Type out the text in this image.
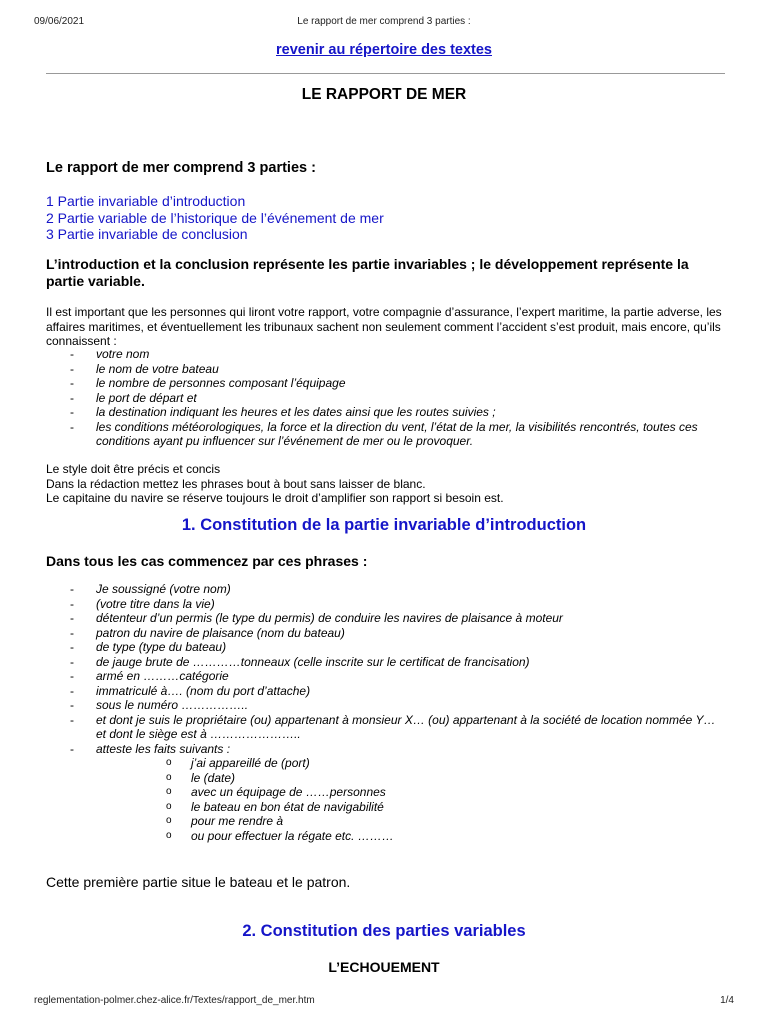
09/06/2021	Le rapport de mer comprend 3 parties :
revenir au répertoire des textes
LE RAPPORT DE MER
Le rapport de mer comprend 3 parties :
1 Partie invariable d’introduction
2 Partie variable de l’historique de l’événement de mer
3 Partie invariable de conclusion
L’introduction et la conclusion représente les partie invariables ; le développement représente la partie variable.
Il est important que les personnes qui liront votre rapport, votre compagnie d’assurance, l’expert maritime, la partie adverse, les affaires maritimes, et éventuellement les tribunaux sachent non seulement comment l’accident s’est produit, mais encore, qu’ils connaissent :
- votre nom
- le nom de votre bateau
- le nombre de personnes composant l’équipage
- le port de départ et
- la destination indiquant les heures et les dates ainsi que les routes suivies ;
- les conditions météorologiques, la force et la direction du vent, l’état de la mer, la visibilités rencontrés, toutes ces conditions ayant pu influencer sur l’événement de mer ou le provoquer.
Le style doit être précis et concis
Dans la rédaction mettez les phrases bout à bout sans laisser de blanc.
Le capitaine du navire se réserve toujours le droit d’amplifier son rapport si besoin est.
1. Constitution de la partie invariable d’introduction
Dans tous les cas commencez par ces phrases :
- Je soussigné (votre nom)
- (votre titre dans la vie)
- détenteur d’un permis (le type du permis) de conduire les navires de plaisance à moteur
- patron du navire de plaisance (nom du bateau)
- de type (type du bateau)
- de jauge brute de …………tonneaux (celle inscrite sur le certificat de francisation)
- armé en ………catégorie
- immatriculé à…. (nom du port d’attache)
- sous le numéro ……………..
- et dont je suis le propriétaire (ou) appartenant à monsieur X… (ou) appartenant à la société de location nommée Y… et dont le siège est à …………………..
- atteste les faits suivants :
o j’ai appareillé de (port)
o le (date)
o avec un équipage de ……personnes
o le bateau en bon état de navigabilité
o pour me rendre à
o ou pour effectuer la régate etc. ………
Cette première partie situe le bateau et le patron.
2. Constitution des parties variables
L’ECHOUEMENT
reglementation-polmer.chez-alice.fr/Textes/rapport_de_mer.htm	1/4
